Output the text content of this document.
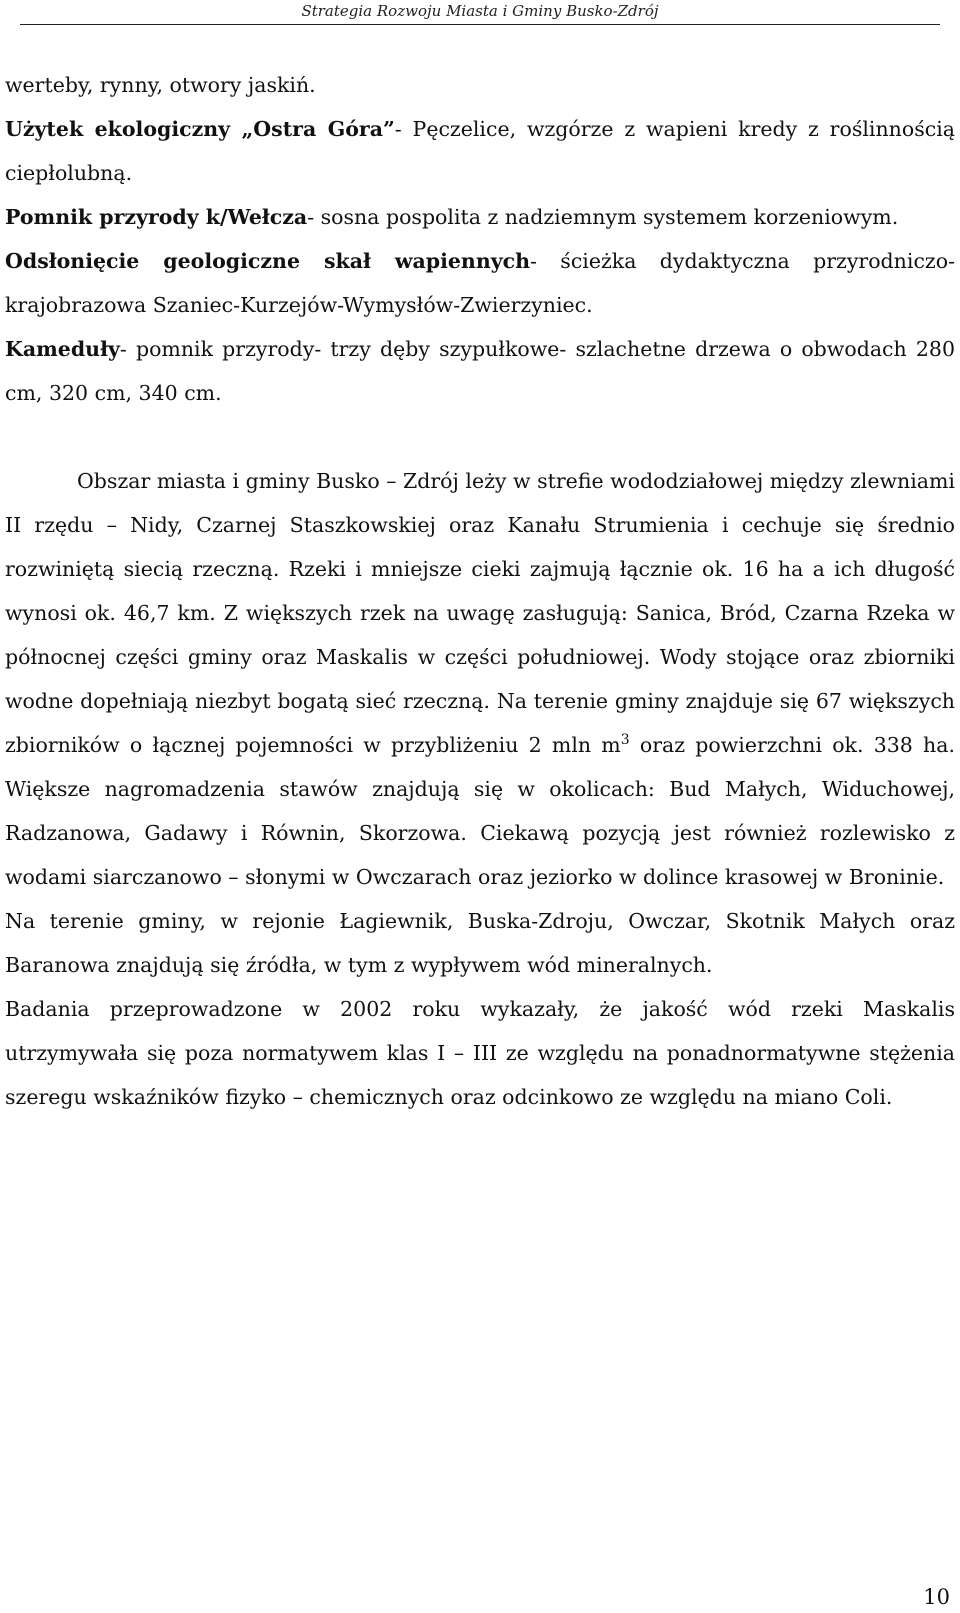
Strategia Rozwoju Miasta i Gminy Busko-Zdrój

werteby, rynny, otwory jaskiń.

Użytek ekologiczny „Ostra Góra”- Pęczelice, wzgórze z wapieni kredy z roślinnością ciepłolubną.

Pomnik przyrody k/Wełcza- sosna pospolita z nadziemnym systemem korzeniowym.

Odsłonięcie geologiczne skał wapiennych- ścieżka dydaktyczna przyrodniczo-krajobrazowa Szaniec-Kurzejów-Wymysłów-Zwierzyniec.

Kameduły- pomnik przyrody- trzy dęby szypułkowe- szlachetne drzewa o obwodach 280 cm, 320 cm, 340 cm.

Obszar miasta i gminy Busko – Zdrój leży w strefie wododziałowej między zlewniami II rzędu – Nidy, Czarnej Staszkowskiej oraz Kanału Strumienia i cechuje się średnio rozwiniętą siecią rzeczną. Rzeki i mniejsze cieki zajmują łącznie ok. 16 ha a ich długość wynosi ok. 46,7 km. Z większych rzek na uwagę zasługują: Sanica, Bród, Czarna Rzeka w północnej części gminy oraz Maskalis w części południowej. Wody stojące oraz zbiorniki wodne dopełniają niezbyt bogatą sieć rzeczną. Na terenie gminy znajduje się 67 większych zbiorników o łącznej pojemności w przybliżeniu 2 mln $m^3$ oraz powierzchni ok. 338 ha. Większe nagromadzenia stawów znajdują się w okolicach: Bud Małych, Widuchowej, Radzanowa, Gadawy i Równin, Skorzowa. Ciekawą pozycją jest również rozlewisko z wodami siarczanowo – słonymi w Owczarach oraz jeziorko w dolince krasowej w Broninie.

Na terenie gminy, w rejonie Łagiewnik, Buska-Zdroju, Owczar, Skotnik Małych oraz Baranowa znajdują się źródła, w tym z wypływem wód mineralnych.

Badania przeprowadzone w 2002 roku wykazały, że jakość wód rzeki Maskalis utrzymywała się poza normatywem klas I – III ze względu na ponadnormatywne stężenia szeregu wskaźników fizyko – chemicznych oraz odcinkowo ze względu na miano Coli.

10
